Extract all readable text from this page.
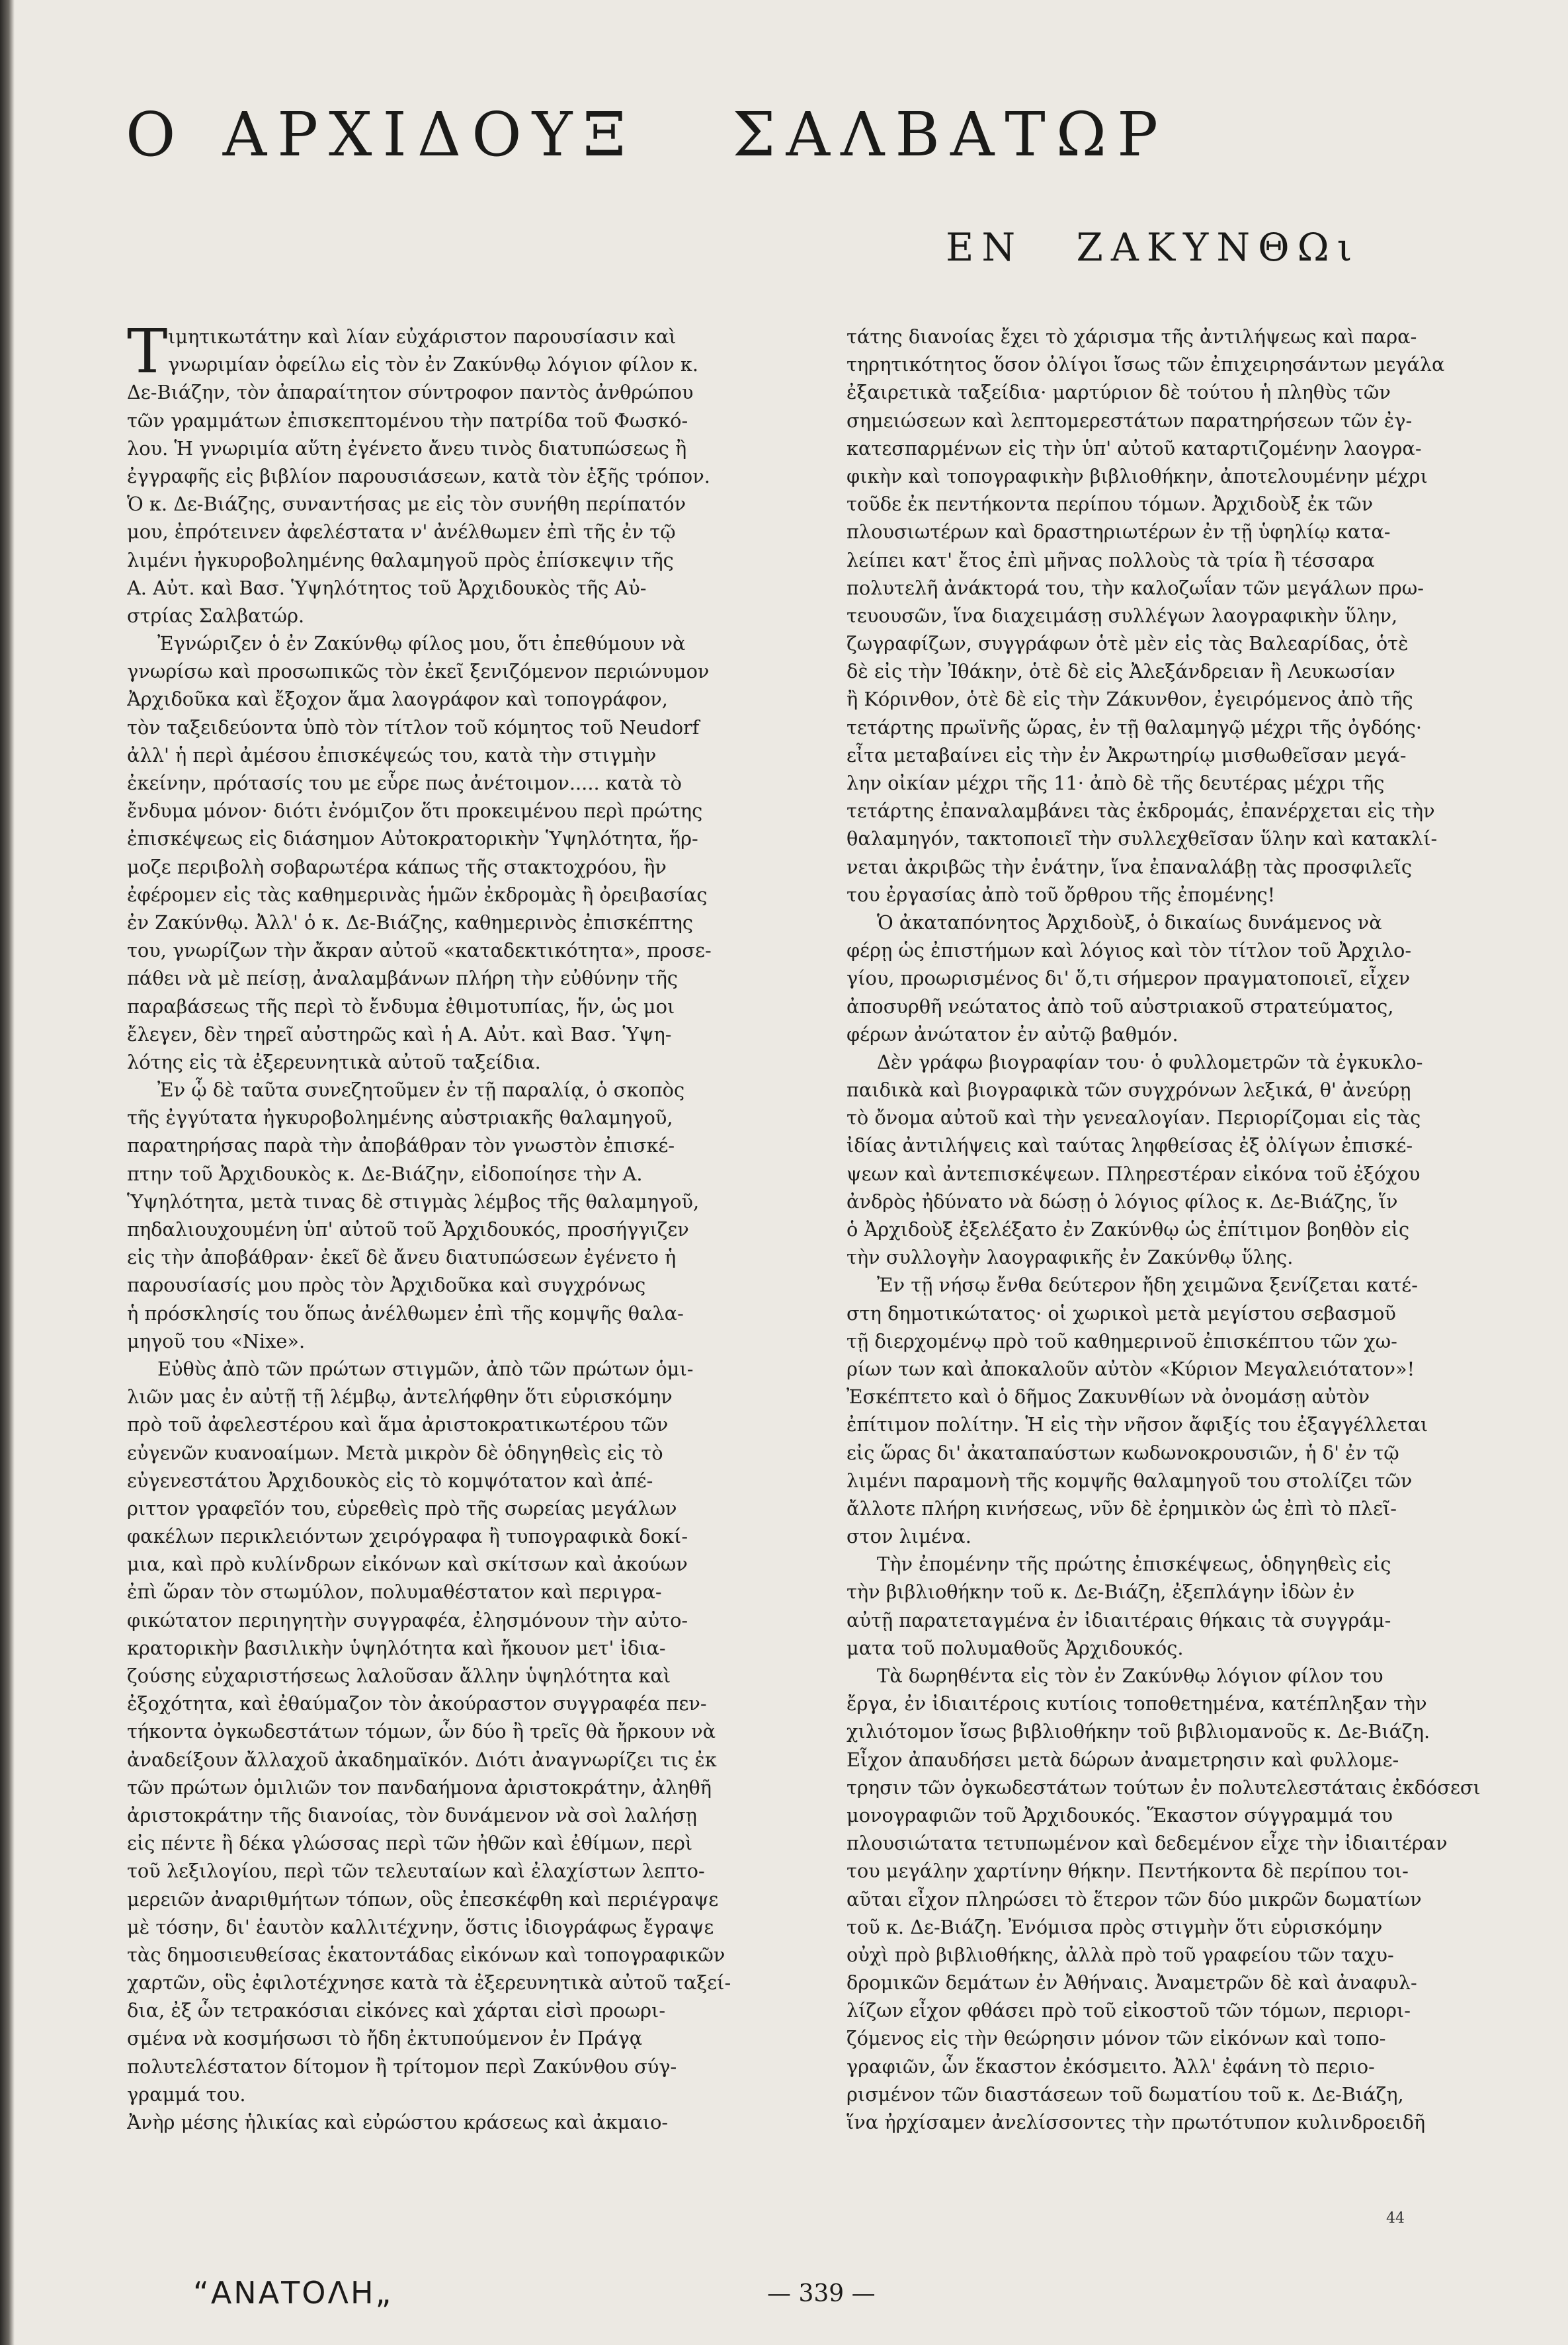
Ο ΑΡΧΙΔΟΥΞ ΣΑΛΒΑΤΩΡ
ΕΝ ΖΑΚΥΝΘΩι
Τ ιμητικωτάτην καὶ λίαν εὐχάριστον παρουσίασιν καὶ
γνωριμίαν ὀφείλω εἰς τὸν ἐν Ζακύνθῳ λόγιον φίλον κ.
Δε-Βιάζην, τὸν ἀπαραίτητον σύντροφον παντὸς ἀνθρώπου
τῶν γραμμάτων ἐπισκεπτομένου τὴν πατρίδα τοῦ Φωσκό-
λου. Ἡ γνωριμία αὕτη ἐγένετο ἄνευ τινὸς διατυπώσεως ἢ
ἐγγραφῆς εἰς βιβλίον παρουσιάσεων, κατὰ τὸν ἑξῆς τρόπον.
Ὁ κ. Δε-Βιάζης, συναντήσας με εἰς τὸν συνήθη περίπατόν
μου, ἐπρότεινεν ἀφελέστατα ν' ἀνέλθωμεν ἐπὶ τῆς ἐν τῷ
λιμένι ἠγκυροβολημένης θαλαμηγοῦ πρὸς ἐπίσκεψιν τῆς
Α. Αὐτ. καὶ Βασ. Ὑψηλότητος τοῦ Ἀρχιδουκὸς τῆς Αὐ-
στρίας Σαλβατώρ.
Ἐγνώριζεν ὁ ἐν Ζακύνθῳ φίλος μου, ὅτι ἐπεθύμουν νὰ
γνωρίσω καὶ προσωπικῶς τὸν ἐκεῖ ξενιζόμενον περιώνυμον
Ἀρχιδοῦκα καὶ ἔξοχον ἅμα λαογράφον καὶ τοπογράφον,
τὸν ταξειδεύοντα ὑπὸ τὸν τίτλον τοῦ κόμητος τοῦ Neudorf
ἀλλ' ἡ περὶ ἀμέσου ἐπισκέψεώς του, κατὰ τὴν στιγμὴν
ἐκείνην, πρότασίς του με εὗρε πως ἀνέτοιμον..... κατὰ τὸ
ἔνδυμα μόνον· διότι ἐνόμιζον ὅτι προκειμένου περὶ πρώτης
ἐπισκέψεως εἰς διάσημον Αὐτοκρατορικὴν Ὑψηλότητα, ἥρ-
μοζε περιβολὴ σοβαρωτέρα κάπως τῆς στακτοχρόου, ἣν
ἐφέρομεν εἰς τὰς καθημερινὰς ἡμῶν ἐκδρομὰς ἢ ὀρειβασίας
ἐν Ζακύνθῳ. Ἀλλ' ὁ κ. Δε-Βιάζης, καθημερινὸς ἐπισκέπτης
του, γνωρίζων τὴν ἄκραν αὐτοῦ «καταδεκτικότητα», προσε-
πάθει νὰ μὲ πείσῃ, ἀναλαμβάνων πλήρη τὴν εὐθύνην τῆς
παραβάσεως τῆς περὶ τὸ ἔνδυμα ἐθιμοτυπίας, ἥν, ὡς μοι
ἔλεγεν, δὲν τηρεῖ αὐστηρῶς καὶ ἡ Α. Αὐτ. καὶ Βασ. Ὑψη-
λότης εἰς τὰ ἐξερευνητικὰ αὐτοῦ ταξείδια.
Ἐν ᾧ δὲ ταῦτα συνεζητοῦμεν ἐν τῇ παραλίᾳ, ὁ σκοπὸς
τῆς ἐγγύτατα ἠγκυροβολημένης αὐστριακῆς θαλαμηγοῦ,
παρατηρήσας παρὰ τὴν ἀποβάθραν τὸν γνωστὸν ἐπισκέ-
πτην τοῦ Ἀρχιδουκὸς κ. Δε-Βιάζην, εἰδοποίησε τὴν Α.
Ὑψηλότητα, μετὰ τινας δὲ στιγμὰς λέμβος τῆς θαλαμηγοῦ,
πηδαλιουχουμένη ὑπ' αὐτοῦ τοῦ Ἀρχιδουκός, προσήγγιζεν
εἰς τὴν ἀποβάθραν· ἐκεῖ δὲ ἄνευ διατυπώσεων ἐγένετο ἡ
παρουσίασίς μου πρὸς τὸν Ἀρχιδοῦκα καὶ συγχρόνως
ἡ πρόσκλησίς του ὅπως ἀνέλθωμεν ἐπὶ τῆς κομψῆς θαλα-
μηγοῦ του «Nixe».
Εὐθὺς ἀπὸ τῶν πρώτων στιγμῶν, ἀπὸ τῶν πρώτων ὁμι-
λιῶν μας ἐν αὐτῇ τῇ λέμβῳ, ἀντελήφθην ὅτι εὑρισκόμην
πρὸ τοῦ ἀφελεστέρου καὶ ἅμα ἀριστοκρατικωτέρου τῶν
εὐγενῶν κυανοαίμων. Μετὰ μικρὸν δὲ ὁδηγηθεὶς εἰς τὸ
εὐγενεστάτου Ἀρχιδουκὸς εἰς τὸ κομψότατον καὶ ἀπέ-
ριττον γραφεῖόν του, εὑρεθεὶς πρὸ τῆς σωρείας μεγάλων
φακέλων περικλειόντων χειρόγραφα ἢ τυπογραφικὰ δοκί-
μια, καὶ πρὸ κυλίνδρων εἰκόνων καὶ σκίτσων καὶ ἀκούων
ἐπὶ ὥραν τὸν στωμύλον, πολυμαθέστατον καὶ περιγρα-
φικώτατον περιηγητὴν συγγραφέα, ἐλησμόνουν τὴν αὐτο-
κρατορικὴν βασιλικὴν ὑψηλότητα καὶ ἤκουον μετ' ἰδια-
ζούσης εὐχαριστήσεως λαλοῦσαν ἄλλην ὑψηλότητα καὶ
ἐξοχότητα, καὶ ἐθαύμαζον τὸν ἀκούραστον συγγραφέα πεν-
τήκοντα ὀγκωδεστάτων τόμων, ὧν δύο ἢ τρεῖς θὰ ἤρκουν νὰ
ἀναδείξουν ἄλλαχοῦ ἀκαδημαϊκόν. Διότι ἀναγνωρίζει τις ἐκ
τῶν πρώτων ὁμιλιῶν τον πανδαήμονα ἀριστοκράτην, ἀληθῆ
ἀριστοκράτην τῆς διανοίας, τὸν δυνάμενον νὰ σοὶ λαλήσῃ
εἰς πέντε ἢ δέκα γλώσσας περὶ τῶν ἠθῶν καὶ ἐθίμων, περὶ
τοῦ λεξιλογίου, περὶ τῶν τελευταίων καὶ ἐλαχίστων λεπτο-
μερειῶν ἀναριθμήτων τόπων, οὓς ἐπεσκέφθη καὶ περιέγραψε
μὲ τόσην, δι' ἑαυτὸν καλλιτέχνην, ὅστις ἰδιογράφως ἔγραψε
τὰς δημοσιευθείσας ἑκατοντάδας εἰκόνων καὶ τοπογραφικῶν
χαρτῶν, οὓς ἐφιλοτέχνησε κατὰ τὰ ἐξερευνητικὰ αὐτοῦ ταξεί-
δια, ἐξ ὧν τετρακόσιαι εἰκόνες καὶ χάρται εἰσὶ προωρι-
σμένα νὰ κοσμήσωσι τὸ ἤδη ἐκτυπούμενον ἐν Πράγᾳ
πολυτελέστατον δίτομον ἢ τρίτομον περὶ Ζακύνθου σύγ-
γραμμά του.
Ἀνὴρ μέσης ἡλικίας καὶ εὐρώστου κράσεως καὶ ἀκμαιο-
τάτης διανοίας ἔχει τὸ χάρισμα τῆς ἀντιλήψεως καὶ παρα-
τηρητικότητος ὅσον ὀλίγοι ἴσως τῶν ἐπιχειρησάντων μεγάλα
ἐξαιρετικὰ ταξείδια· μαρτύριον δὲ τούτου ἡ πληθὺς τῶν
σημειώσεων καὶ λεπτομερεστάτων παρατηρήσεων τῶν ἐγ-
κατεσπαρμένων εἰς τὴν ὑπ' αὐτοῦ καταρτιζομένην λαογρα-
φικὴν καὶ τοπογραφικὴν βιβλιοθήκην, ἀποτελουμένην μέχρι
τοῦδε ἐκ πεντήκοντα περίπου τόμων. Ἀρχιδοὺξ ἐκ τῶν
πλουσιωτέρων καὶ δραστηριωτέρων ἐν τῇ ὑφηλίῳ κατα-
λείπει κατ' ἔτος ἐπὶ μῆνας πολλοὺς τὰ τρία ἢ τέσσαρα
πολυτελῆ ἀνάκτορά του, τὴν καλοζωΐαν τῶν μεγάλων πρω-
τευουσῶν, ἵνα διαχειμάσῃ συλλέγων λαογραφικὴν ὕλην,
ζωγραφίζων, συγγράφων ὁτὲ μὲν εἰς τὰς Βαλεαρίδας, ὁτὲ
δὲ εἰς τὴν Ἰθάκην, ὁτὲ δὲ εἰς Ἀλεξάνδρειαν ἢ Λευκωσίαν
ἢ Κόρινθον, ὁτὲ δὲ εἰς τὴν Ζάκυνθον, ἐγειρόμενος ἀπὸ τῆς
τετάρτης πρωϊνῆς ὥρας, ἐν τῇ θαλαμηγῷ μέχρι τῆς ὀγδόης·
εἶτα μεταβαίνει εἰς τὴν ἐν Ἀκρωτηρίῳ μισθωθεῖσαν μεγά-
λην οἰκίαν μέχρι τῆς 11· ἀπὸ δὲ τῆς δευτέρας μέχρι τῆς
τετάρτης ἐπαναλαμβάνει τὰς ἐκδρομάς, ἐπανέρχεται εἰς τὴν
θαλαμηγόν, τακτοποιεῖ τὴν συλλεχθεῖσαν ὕλην καὶ κατακλί-
νεται ἀκριβῶς τὴν ἐνάτην, ἵνα ἐπαναλάβῃ τὰς προσφιλεῖς
του ἐργασίας ἀπὸ τοῦ ὄρθρου τῆς ἐπομένης!
Ὁ ἀκαταπόνητος Ἀρχιδοὺξ, ὁ δικαίως δυνάμενος νὰ
φέρῃ ὡς ἐπιστήμων καὶ λόγιος καὶ τὸν τίτλον τοῦ Ἀρχιλο-
γίου, προωρισμένος δι' ὅ,τι σήμερον πραγματοποιεῖ, εἶχεν
ἀποσυρθῆ νεώτατος ἀπὸ τοῦ αὐστριακοῦ στρατεύματος,
φέρων ἀνώτατον ἐν αὐτῷ βαθμόν.
Δὲν γράφω βιογραφίαν του· ὁ φυλλομετρῶν τὰ ἐγκυκλο-
παιδικὰ καὶ βιογραφικὰ τῶν συγχρόνων λεξικά, θ' ἀνεύρῃ
τὸ ὄνομα αὐτοῦ καὶ τὴν γενεαλογίαν. Περιορίζομαι εἰς τὰς
ἰδίας ἀντιλήψεις καὶ ταύτας ληφθείσας ἐξ ὀλίγων ἐπισκέ-
ψεων καὶ ἀντεπισκέψεων. Πληρεστέραν εἰκόνα τοῦ ἐξόχου
ἀνδρὸς ἠδύνατο νὰ δώσῃ ὁ λόγιος φίλος κ. Δε-Βιάζης, ἵν
ὁ Ἀρχιδοὺξ ἐξελέξατο ἐν Ζακύνθῳ ὡς ἐπίτιμον βοηθὸν εἰς
τὴν συλλογὴν λαογραφικῆς ἐν Ζακύνθῳ ὕλης.
Ἐν τῇ νήσῳ ἔνθα δεύτερον ἤδη χειμῶνα ξενίζεται κατέ-
στη δημοτικώτατος· οἱ χωρικοὶ μετὰ μεγίστου σεβασμοῦ
τῇ διερχομένῳ πρὸ τοῦ καθημερινοῦ ἐπισκέπτου τῶν χω-
ρίων των καὶ ἀποκαλοῦν αὐτὸν «Κύριον Μεγαλειότατον»!
Ἐσκέπτετο καὶ ὁ δῆμος Ζακυνθίων νὰ ὀνομάσῃ αὐτὸν
ἐπίτιμον πολίτην. Ἡ εἰς τὴν νῆσον ἄφιξίς του ἐξαγγέλλεται
εἰς ὥρας δι' ἀκαταπαύστων κωδωνοκρουσιῶν, ἡ δ' ἐν τῷ
λιμένι παραμονὴ τῆς κομψῆς θαλαμηγοῦ του στολίζει τῶν
ἄλλοτε πλήρη κινήσεως, νῦν δὲ ἐρημικὸν ὡς ἐπὶ τὸ πλεῖ-
στον λιμένα.
Τὴν ἐπομένην τῆς πρώτης ἐπισκέψεως, ὁδηγηθεὶς εἰς
τὴν βιβλιοθήκην τοῦ κ. Δε-Βιάζη, ἐξεπλάγην ἰδὼν ἐν
αὐτῇ παρατεταγμένα ἐν ἰδιαιτέραις θήκαις τὰ συγγράμ-
ματα τοῦ πολυμαθοῦς Ἀρχιδουκός.
Τὰ δωρηθέντα εἰς τὸν ἐν Ζακύνθῳ λόγιον φίλον του
ἔργα, ἐν ἰδιαιτέροις κυτίοις τοποθετημένα, κατέπληξαν τὴν
χιλιότομον ἴσως βιβλιοθήκην τοῦ βιβλιομανοῦς κ. Δε-Βιάζη.
Εἶχον ἀπαυδήσει μετὰ δώρων ἀναμετρησιν καὶ φυλλομε-
τρησιν τῶν ὀγκωδεστάτων τούτων ἐν πολυτελεστάταις ἐκδόσεσι
μονογραφιῶν τοῦ Ἀρχιδουκός. Ἕκαστον σύγγραμμά του
πλουσιώτατα τετυπωμένον καὶ δεδεμένον εἶχε τὴν ἰδιαιτέραν
του μεγάλην χαρτίνην θήκην. Πεντήκοντα δὲ περίπου τοι-
αῦται εἶχον πληρώσει τὸ ἕτερον τῶν δύο μικρῶν δωματίων
τοῦ κ. Δε-Βιάζη. Ἐνόμισα πρὸς στιγμὴν ὅτι εὑρισκόμην
οὐχὶ πρὸ βιβλιοθήκης, ἀλλὰ πρὸ τοῦ γραφείου τῶν ταχυ-
δρομικῶν δεμάτων ἐν Ἀθήναις. Ἀναμετρῶν δὲ καὶ ἀναφυλ-
λίζων εἶχον φθάσει πρὸ τοῦ εἰκοστοῦ τῶν τόμων, περιορι-
ζόμενος εἰς τὴν θεώρησιν μόνον τῶν εἰκόνων καὶ τοπο-
γραφιῶν, ὧν ἕκαστον ἐκόσμειτο. Ἀλλ' ἐφάνη τὸ περιο-
ρισμένον τῶν διαστάσεων τοῦ δωματίου τοῦ κ. Δε-Βιάζη,
ἵνα ἠρχίσαμεν ἀνελίσσοντες τὴν πρωτότυπον κυλινδροειδῆ
44
“ΑΝΑΤΟΛΗ„	— 339 —
